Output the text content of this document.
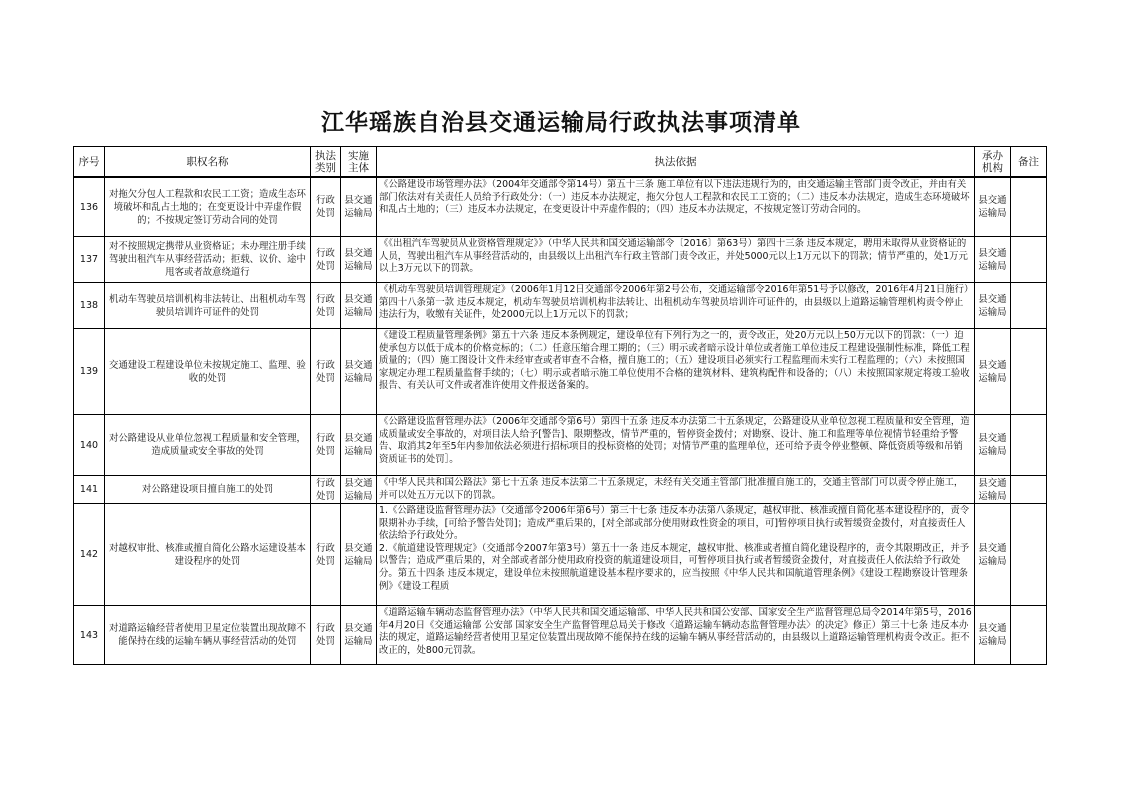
江华瑶族自治县交通运输局行政执法事项清单
序号	职权名称	执法类别	实施主体	执法依据	承办机构	备注
136	对拖欠分包人工程款和农民工工资；造成生态环境破坏和乱占土地的；在变更设计中弄虚作假的；不按规定签订劳动合同的处罚	行政处罚	县交通运输局	《公路建设市场管理办法》（2004年交通部令第14号）第五十三条 施工单位有以下违法违规行为的，由交通运输主管部门责令改正，并由有关部门依法对有关责任人员给予行政处分：（一）违反本办法规定，拖欠分包人工程款和农民工工资的；（二）违反本办法规定，造成生态环境破坏和乱占土地的；（三）违反本办法规定，在变更设计中弄虚作假的；（四）违反本办法规定，不按规定签订劳动合同的。	县交通运输局	
137	对不按照规定携带从业资格证；未办理注册手续驾驶出租汽车从事经营活动；拒载、议价、途中甩客或者故意绕道行	行政处罚	县交通运输局	《《出租汽车驾驶员从业资格管理规定》》（中华人民共和国交通运输部令〔2016〕第63号）第四十三条 违反本规定，聘用未取得从业资格证的人员，驾驶出租汽车从事经营活动的，由县级以上出租汽车行政主管部门责令改正，并处5000元以上1万元以下的罚款；情节严重的，处1万元以上3万元以下的罚款。	县交通运输局	
138	机动车驾驶员培训机构非法转让、出租机动车驾驶员培训许可证件的处罚	行政处罚	县交通运输局	《机动车驾驶员培训管理规定》（2006年1月12日交通部令2006年第2号公布，交通运输部令2016年第51号予以修改，2016年4月21日施行）第四十八条第一款 违反本规定，机动车驾驶员培训机构非法转让、出租机动车驾驶员培训许可证件的，由县级以上道路运输管理机构责令停止违法行为，收缴有关证件，处2000元以上1万元以下的罚款；	县交通运输局	
139	交通建设工程建设单位未按规定施工、监理、验收的处罚	行政处罚	县交通运输局	《建设工程质量管理条例》第五十六条 违反本条例规定，建设单位有下列行为之一的，责令改正，处20万元以上50万元以下的罚款：（一）迫使承包方以低于成本的价格竞标的；（二）任意压缩合理工期的；（三）明示或者暗示设计单位或者施工单位违反工程建设强制性标准，降低工程质量的；（四）施工图设计文件未经审查或者审查不合格，擅自施工的；（五）建设项目必须实行工程监理而未实行工程监理的；（六）未按照国家规定办理工程质量监督手续的；（七）明示或者暗示施工单位使用不合格的建筑材料、建筑构配件和设备的；（八）未按照国家规定将竣工验收报告、有关认可文件或者准许使用文件报送备案的。	县交通运输局	
140	对公路建设从业单位忽视工程质量和安全管理，造成质量或安全事故的处罚	行政处罚	县交通运输局	《公路建设监督管理办法》（2006年交通部令第6号）第四十五条 违反本办法第二十五条规定，公路建设从业单位忽视工程质量和安全管理，造成质量或安全事故的，对项目法人给予[警告]、限期整改，情节严重的，暂停资金拨付；对勘察、设计、施工和监理等单位视情节轻重给予警告、取消其2年至5年内参加依法必须进行招标项目的投标资格的处罚；对情节严重的监理单位，还可给予责令停业整顿、降低资质等级和吊销资质证书的处罚］。	县交通运输局	
141	对公路建设项目擅自施工的处罚	行政处罚	县交通运输局	《中华人民共和国公路法》第七十五条 违反本法第二十五条规定，未经有关交通主管部门批准擅自施工的，交通主管部门可以责令停止施工，并可以处五万元以下的罚款。	县交通运输局	
142	对越权审批、核准或擅自简化公路水运建设基本建设程序的处罚	行政处罚	县交通运输局	1.《公路建设监督管理办法》（交通部令2006年第6号）第三十七条 违反本办法第八条规定，越权审批、核准或擅自简化基本建设程序的，责令限期补办手续，[可给予警告处罚]；造成严重后果的，[对全部或部分使用财政性资金的项目，可]暂停项目执行或暂缓资金拨付，对直接责任人依法给予行政处分。
2.《航道建设管理规定》（交通部令2007年第3号）第五十一条 违反本规定，越权审批、核准或者擅自简化建设程序的，责令其限期改正，并予以警告；造成严重后果的，对全部或者部分使用政府投资的航道建设项目，可暂停项目执行或者暂缓资金拨付，对直接责任人依法给予行政处分。第五十四条 违反本规定，建设单位未按照航道建设基本程序要求的，应当按照《中华人民共和国航道管理条例》《建设工程勘察设计管理条例》《建设工程质	县交通运输局	
143	对道路运输经营者使用卫星定位装置出现故障不能保持在线的运输车辆从事经营活动的处罚	行政处罚	县交通运输局	《道路运输车辆动态监督管理办法》（中华人民共和国交通运输部、中华人民共和国公安部、国家安全生产监督管理总局令2014年第5号，2016年4月20日《交通运输部 公安部 国家安全生产监督管理总局关于修改〈道路运输车辆动态监督管理办法〉的决定》修正）第三十七条 违反本办法的规定，道路运输经营者使用卫星定位装置出现故障不能保持在线的运输车辆从事经营活动的，由县级以上道路运输管理机构责令改正。拒不改正的，处800元罚款。	县交通运输局	
